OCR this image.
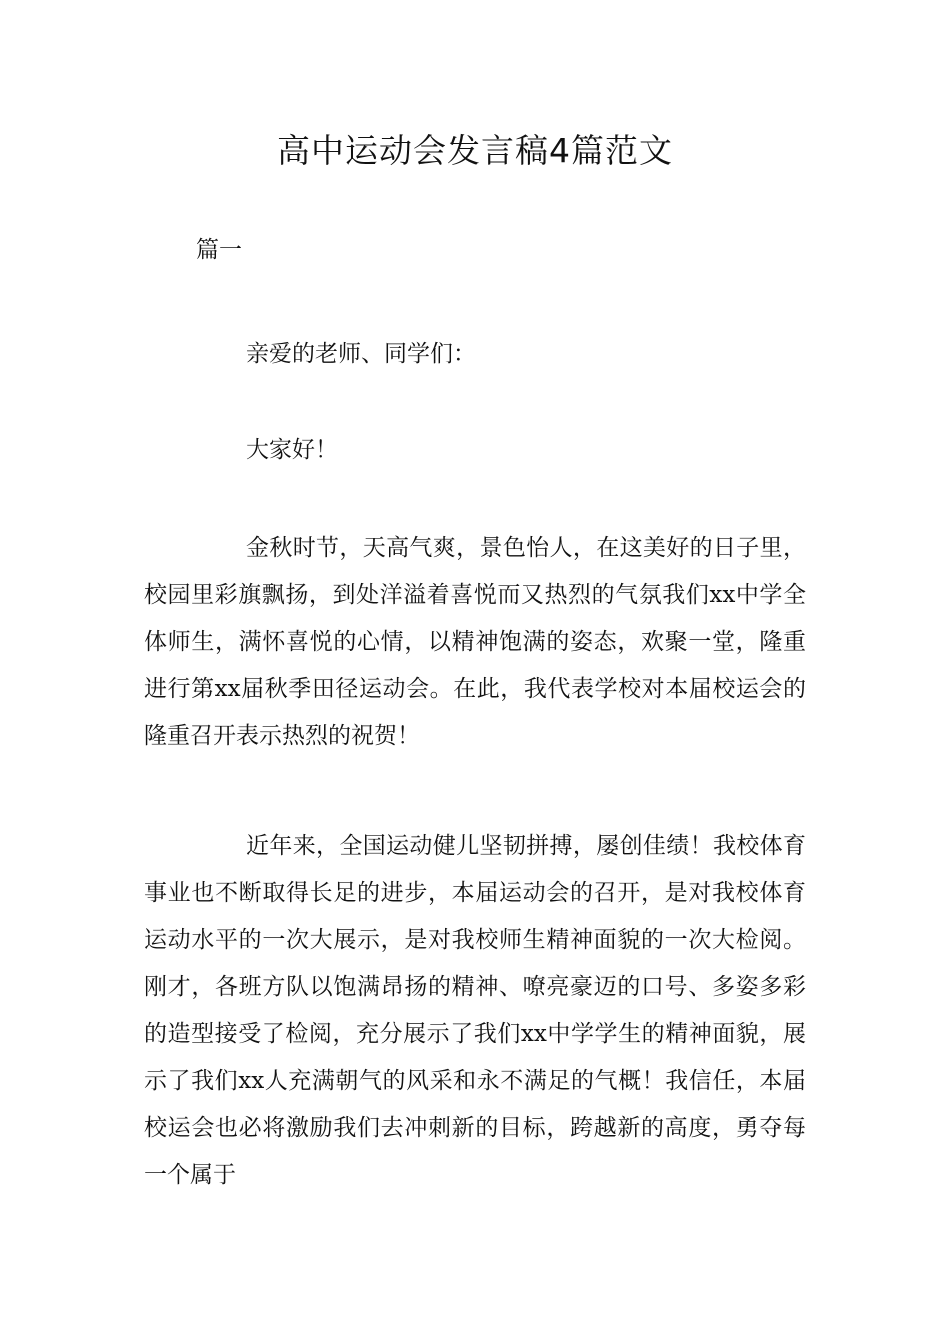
高中运动会发言稿4篇范文

篇一

亲爱的老师、同学们：

大家好！

金秋时节，天高气爽，景色怡人，在这美好的日子里，校园里彩旗飘扬，到处洋溢着喜悦而又热烈的气氛我们xx中学全体师生，满怀喜悦的心情，以精神饱满的姿态，欢聚一堂，隆重进行第xx届秋季田径运动会。在此，我代表学校对本届校运会的隆重召开表示热烈的祝贺！

近年来，全国运动健儿坚韧拼搏，屡创佳绩！我校体育事业也不断取得长足的进步，本届运动会的召开，是对我校体育运动水平的一次大展示，是对我校师生精神面貌的一次大检阅。刚才，各班方队以饱满昂扬的精神、嘹亮豪迈的口号、多姿多彩的造型接受了检阅，充分展示了我们xx中学学生的精神面貌，展示了我们xx人充满朝气的风采和永不满足的气概！我信任，本届校运会也必将激励我们去冲刺新的目标，跨越新的高度，勇夺每一个属于
